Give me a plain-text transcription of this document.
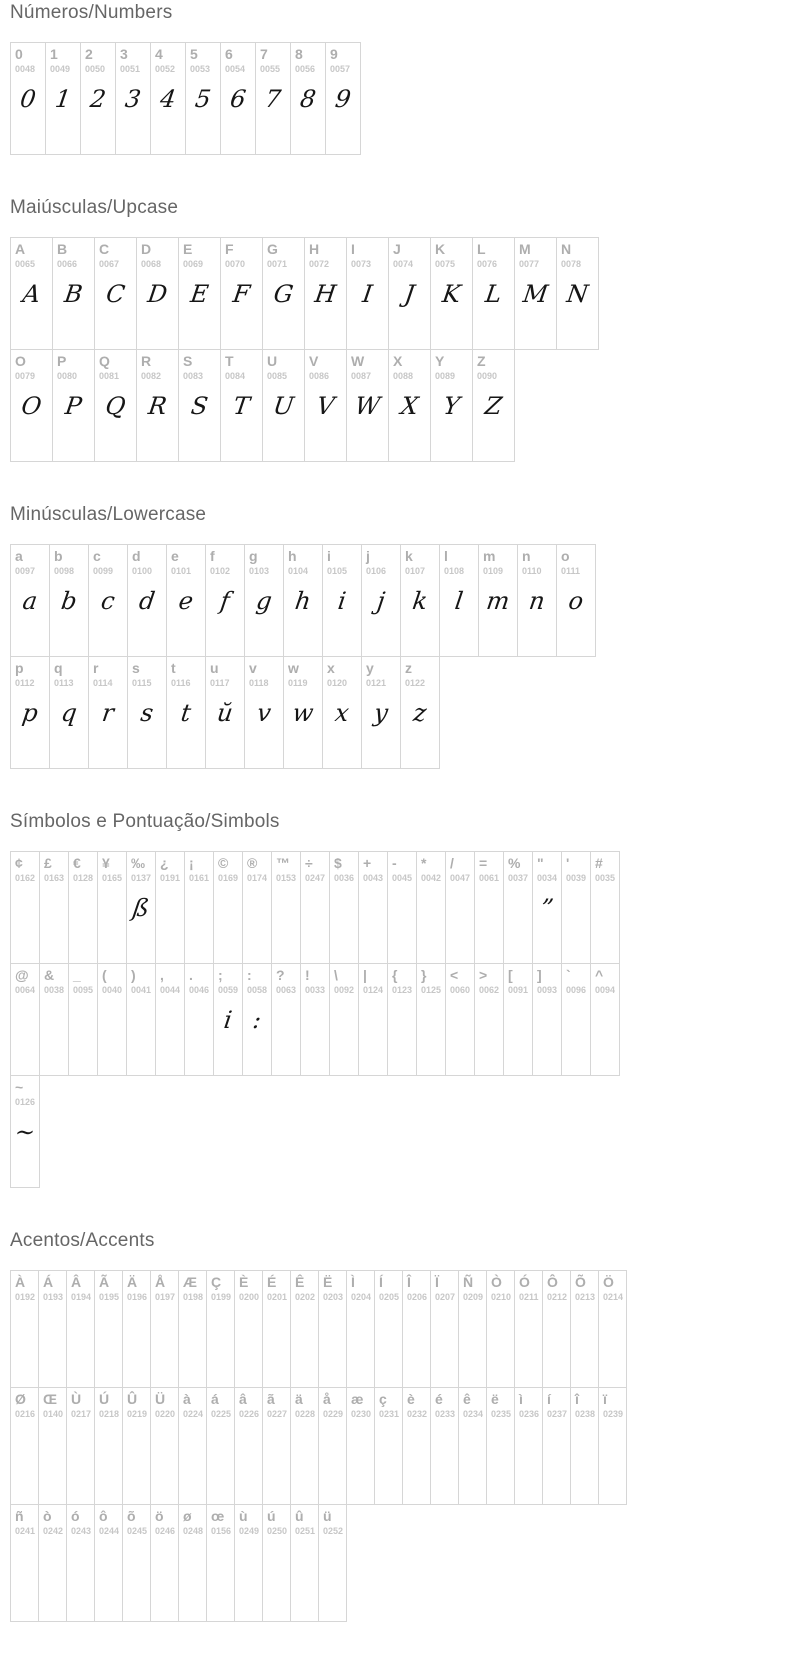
Números/Numbers
0
0048
0
1
0049
1
2
0050
2
3
0051
3
4
0052
4
5
0053
5
6
0054
6
7
0055
7
8
0056
8
9
0057
9
Maiúsculas/Upcase
A
0065
A
B
0066
B
C
0067
C
D
0068
D
E
0069
E
F
0070
F
G
0071
G
H
0072
H
I
0073
I
J
0074
J
K
0075
K
L
0076
L
M
0077
M
N
0078
N
O
0079
O
P
0080
P
Q
0081
Q
R
0082
R
S
0083
S
T
0084
T
U
0085
U
V
0086
V
W
0087
W
X
0088
X
Y
0089
Y
Z
0090
Z
Minúsculas/Lowercase
a
0097
a
b
0098
b
c
0099
c
d
0100
d
e
0101
e
f
0102
f
g
0103
g
h
0104
h
i
0105
i
j
0106
j
k
0107
k
l
0108
l
m
0109
m
n
0110
n
o
0111
o
p
0112
p
q
0113
q
r
0114
r
s
0115
s
t
0116
t
u
0117
ŭ
v
0118
v
w
0119
w
x
0120
x
y
0121
y
z
0122
z
Símbolos e Pontuação/Simbols
¢
0162
£
0163
€
0128
¥
0165
‰
0137
ß
¿
0191
¡
0161
©
0169
®
0174
™
0153
÷
0247
$
0036
+
0043
-
0045
*
0042
/
0047
=
0061
%
0037
"
0034
”
'
0039
#
0035
@
0064
&
0038
_
0095
(
0040
)
0041
,
0044
.
0046
;
0059
i
:
0058
:
?
0063
!
0033
\
0092
|
0124
{
0123
}
0125
<
0060
>
0062
[
0091
]
0093
`
0096
^
0094
~
0126
~
Acentos/Accents
À
0192
Á
0193
Â
0194
Ã
0195
Ä
0196
Å
0197
Æ
0198
Ç
0199
È
0200
É
0201
Ê
0202
Ë
0203
Ì
0204
Í
0205
Î
0206
Ï
0207
Ñ
0209
Ò
0210
Ó
0211
Ô
0212
Õ
0213
Ö
0214
Ø
0216
Œ
0140
Ù
0217
Ú
0218
Û
0219
Ü
0220
à
0224
á
0225
â
0226
ã
0227
ä
0228
å
0229
æ
0230
ç
0231
è
0232
é
0233
ê
0234
ë
0235
ì
0236
í
0237
î
0238
ï
0239
ñ
0241
ò
0242
ó
0243
ô
0244
õ
0245
ö
0246
ø
0248
œ
0156
ù
0249
ú
0250
û
0251
ü
0252
